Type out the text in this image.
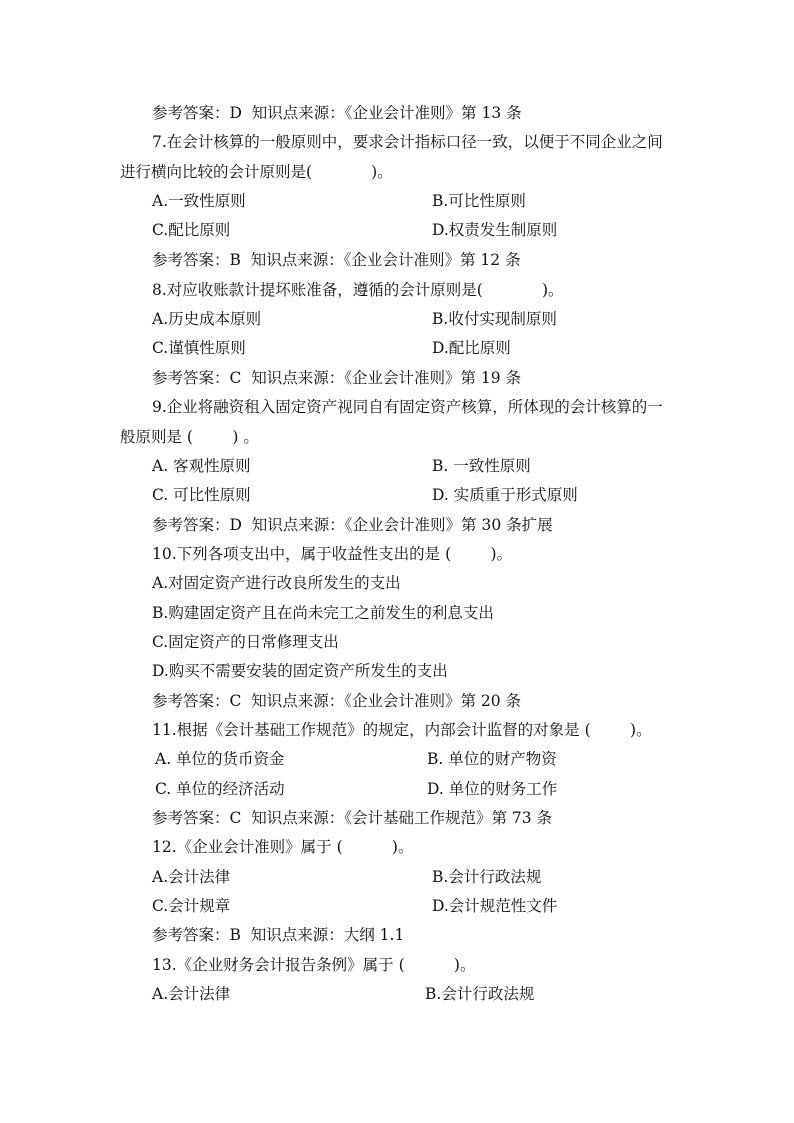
参考答案：D  知识点来源：《企业会计准则》第 13 条
7.在会计核算的一般原则中，要求会计指标口径一致，以便于不同企业之间
进行横向比较的会计原则是(            )。
A.一致性原则	B.可比性原则
C.配比原则	D.权责发生制原则
参考答案：B  知识点来源：《企业会计准则》第 12 条
8.对应收账款计提坏账准备，遵循的会计原则是(            )。
A.历史成本原则	B.收付实现制原则
C.谨慎性原则	D.配比原则
参考答案：C  知识点来源：《企业会计准则》第 19 条
9.企业将融资租入固定资产视同自有固定资产核算，所体现的会计核算的一
般原则是 (        ) 。
A. 客观性原则	B. 一致性原则
C. 可比性原则	D. 实质重于形式原则
参考答案：D  知识点来源：《企业会计准则》第 30 条扩展
10.下列各项支出中，属于收益性支出的是 (        )。
A.对固定资产进行改良所发生的支出
B.购建固定资产且在尚未完工之前发生的利息支出
C.固定资产的日常修理支出
D.购买不需要安装的固定资产所发生的支出
参考答案：C  知识点来源：《企业会计准则》第 20 条
11.根据《会计基础工作规范》的规定，内部会计监督的对象是 (        )。
A. 单位的货币资金	B. 单位的财产物资
C. 单位的经济活动	D. 单位的财务工作
参考答案：C  知识点来源：《会计基础工作规范》第 73 条
12.《企业会计准则》属于 (          )。
A.会计法律	B.会计行政法规
C.会计规章	D.会计规范性文件
参考答案：B  知识点来源：大纲 1.1
13.《企业财务会计报告条例》属于 (          )。
A.会计法律	B.会计行政法规
